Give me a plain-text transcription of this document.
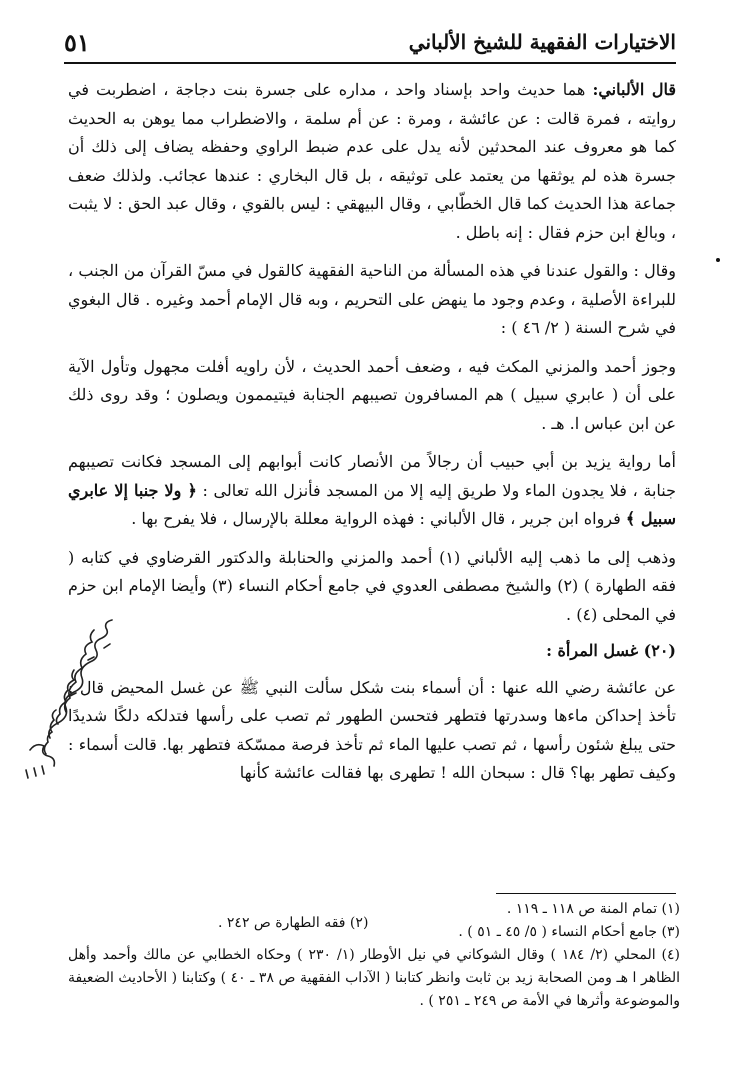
الاختيارات الفقهية للشيخ الألباني
٥١

قال الألباني: هما حديث واحد بإسناد واحد ، مداره على جسرة بنت دجاجة ، اضطربت في روايته ، فمرة قالت : عن عائشة ، ومرة : عن أم سلمة ، والاضطراب مما يوهن به الحديث كما هو معروف عند المحدثين لأنه يدل على عدم ضبط الراوي وحفظه يضاف إلى ذلك أن جسرة هذه لم يوثقها من يعتمد على توثيقه ، بل قال البخاري : عندها عجائب. ولذلك ضعف جماعة هذا الحديث كما قال الخطّابي ، وقال البيهقي : ليس بالقوي ، وقال عبد الحق : لا يثبت ، وبالغ ابن حزم فقال : إنه باطل .

وقال : والقول عندنا في هذه المسألة من الناحية الفقهية كالقول في مسّ القرآن من الجنب ، للبراءة الأصلية ، وعدم وجود ما ينهض على التحريم ، وبه قال الإمام أحمد وغيره . قال البغوي في شرح السنة ( ٢/ ٤٦ ) :

وجوز أحمد والمزني المكث فيه ، وضعف أحمد الحديث ، لأن راويه أفلت مجهول وتأول الآية على أن ( عابري سبيل ) هم المسافرون تصيبهم الجنابة فيتيممون ويصلون ؛ وقد روى ذلك عن ابن عباس ا. هـ .

أما رواية يزيد بن أبي حبيب أن رجالاً من الأنصار كانت أبوابهم إلى المسجد فكانت تصيبهم جنابة ، فلا يجدون الماء ولا طريق إليه إلا من المسجد فأنزل الله تعالى : ﴿ ولا جنبا إلا عابري سبيل ﴾ فرواه ابن جرير ، قال الألباني : فهذه الرواية معللة بالإرسال ، فلا يفرح بها .

وذهب إلى ما ذهب إليه الألباني (١) أحمد والمزني والحنابلة والدكتور القرضاوي في كتابه ( فقه الطهارة ) (٢) والشيخ مصطفى العدوي في جامع أحكام النساء (٣) وأيضا الإمام ابن حزم في المحلى (٤) .

(٢٠) غسل المرأة :

عن عائشة رضي الله عنها : أن أسماء بنت شكل سألت النبي ﷺ عن غسل المحيض قال : تأخذ إحداكن ماءها وسدرتها فتطهر فتحسن الطهور ثم تصب على رأسها فتدلكه دلكًا شديدًا حتى يبلغ شئون رأسها ، ثم تصب عليها الماء ثم تأخذ فرصة ممسّكة فتطهر بها. قالت أسماء : وكيف تطهر بها؟ قال : سبحان الله ! تطهرى بها فقالت عائشة كأنها

(١) تمام المنة ص ١١٨ ـ ١١٩ .

(٢) فقه الطهارة ص ٢٤٢ .

(٣) جامع أحكام النساء ( ٥/ ٤٥ ـ ٥١ ) .

(٤) المحلي (٢/ ١٨٤ ) وقال الشوكاني في نيل الأوطار (١/ ٢٣٠ ) وحكاه الخطابي عن مالك وأحمد وأهل الظاهر ا هـ ومن الصحابة زيد بن ثابت وانظر كتابنا ( الآداب الفقهية ص ٣٨ ـ ٤٠ ) وكتابنا ( الأحاديث الضعيفة والموضوعة وأثرها في الأمة ص ٢٤٩ ـ ٢٥١ ) .
